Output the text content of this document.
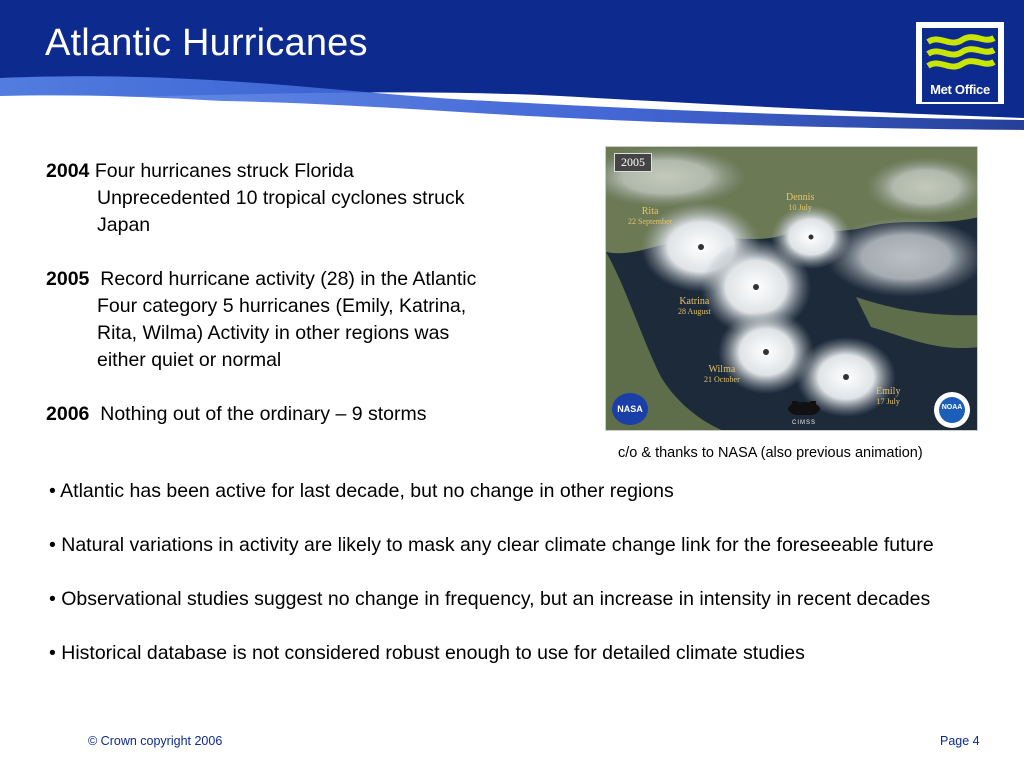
Atlantic Hurricanes
Met Office
2004 Four hurricanes struck Florida
Unprecedented 10 tropical cyclones struck
Japan
2005 Record hurricane activity (28) in the Atlantic
Four category 5 hurricanes (Emily, Katrina,
Rita, Wilma) Activity in other regions was
either quiet or normal
2006 Nothing out of the ordinary – 9 storms
2005
Dennis
10 July
Rita
22 September
Katrina
28 August
Wilma
21 October
Emily
17 July
NASA
CIMSS
NOAA
c/o & thanks to NASA (also previous animation)
• Atlantic has been active for last decade, but no change in other regions
• Natural variations in activity are likely to mask any clear climate change link for the foreseeable future
• Observational studies suggest no change in frequency, but an increase in intensity in recent decades
• Historical database is not considered robust enough to use for detailed climate studies
© Crown copyright 2006	Page 4
